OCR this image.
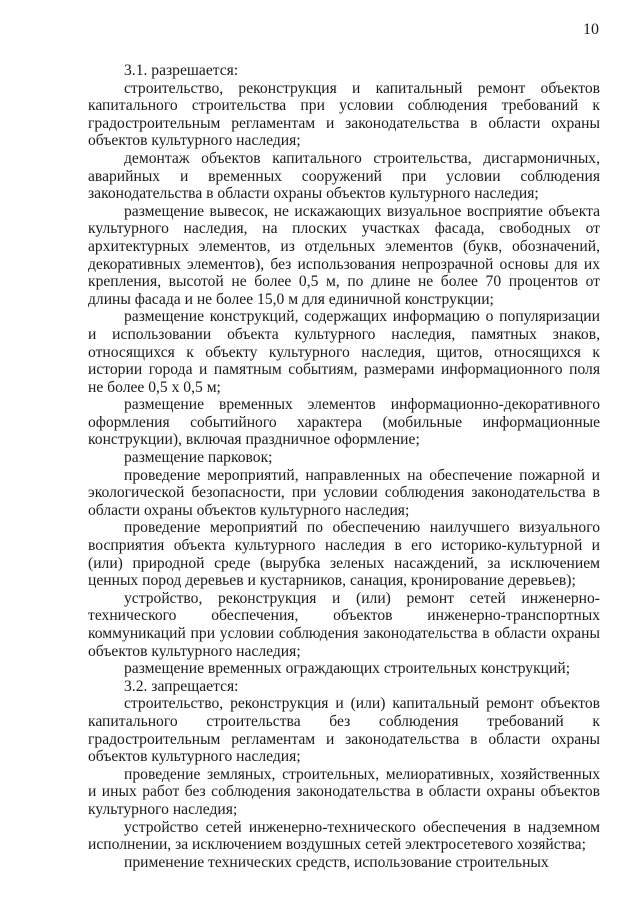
10

3.1. разрешается:

строительство, реконструкция и капитальный ремонт объектов капитального строительства при условии соблюдения требований к градостроительным регламентам и законодательства в области охраны объектов культурного наследия;

демонтаж объектов капитального строительства, дисгармоничных, аварийных и временных сооружений при условии соблюдения законодательства в области охраны объектов культурного наследия;

размещение вывесок, не искажающих визуальное восприятие объекта культурного наследия, на плоских участках фасада, свободных от архитектурных элементов, из отдельных элементов (букв, обозначений, декоративных элементов), без использования непрозрачной основы для их крепления, высотой не более 0,5 м, по длине не более 70 процентов от длины фасада и не более 15,0 м для единичной конструкции;

размещение конструкций, содержащих информацию о популяризации и использовании объекта культурного наследия, памятных знаков, относящихся к объекту культурного наследия, щитов, относящихся к истории города и памятным событиям, размерами информационного поля не более 0,5 х 0,5 м;

размещение временных элементов информационно-декоративного оформления событийного характера (мобильные информационные конструкции), включая праздничное оформление;

размещение парковок;

проведение мероприятий, направленных на обеспечение пожарной и экологической безопасности, при условии соблюдения законодательства в области охраны объектов культурного наследия;

проведение мероприятий по обеспечению наилучшего визуального восприятия объекта культурного наследия в его историко-культурной и (или) природной среде (вырубка зеленых насаждений, за исключением ценных пород деревьев и кустарников, санация, кронирование деревьев);

устройство, реконструкция и (или) ремонт сетей инженерно-технического обеспечения, объектов инженерно-транспортных коммуникаций при условии соблюдения законодательства в области охраны объектов культурного наследия;

размещение временных ограждающих строительных конструкций;

3.2. запрещается:

строительство, реконструкция и (или) капитальный ремонт объектов капитального строительства без соблюдения требований к градостроительным регламентам и законодательства в области охраны объектов культурного наследия;

проведение земляных, строительных, мелиоративных, хозяйственных и иных работ без соблюдения законодательства в области охраны объектов культурного наследия;

устройство сетей инженерно-технического обеспечения в надземном исполнении, за исключением воздушных сетей электросетевого хозяйства;

применение технических средств, использование строительных
